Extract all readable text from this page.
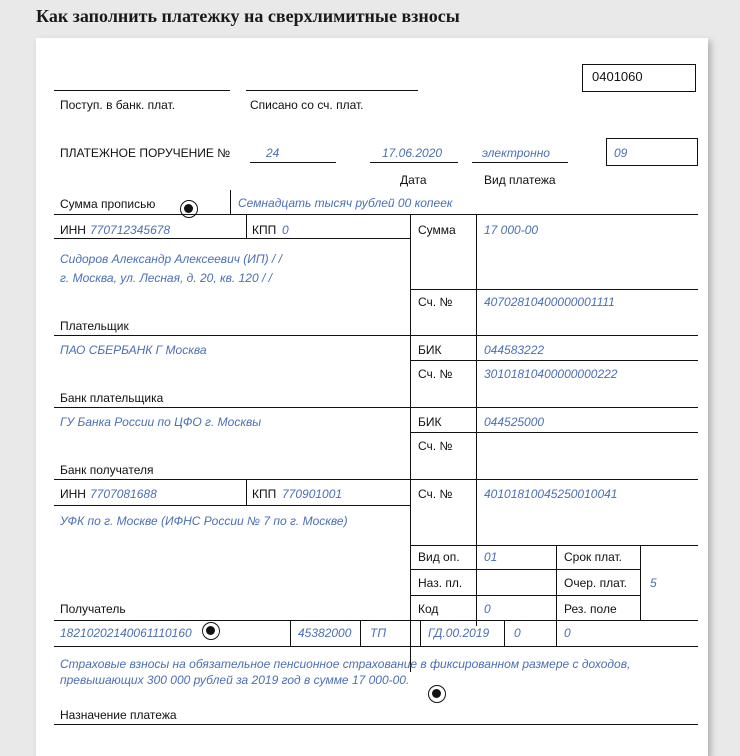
Как заполнить платежку на сверхлимитные взносы
0401060
Поступ. в банк. плат.	Списано со сч. плат.
ПЛАТЕЖНОЕ ПОРУЧЕНИЕ №	24	17.06.2020	электронно	09
Дата	Вид платежа
Сумма прописью	Семнадцать тысяч рублей 00 копеек
ИНН 770712345678	КПП 0
Сидоров Александр Алексеевич (ИП) / /
г. Москва, ул. Лесная, д. 20, кв. 120 / /
Плательщик
Сумма 17 000-00
Сч. №	40702810400000001111
ПАО СБЕРБАНК Г Москва	БИК	044583222
Сч. №	30101810400000000222
Банк плательщика
ГУ Банка России по ЦФО г. Москвы	БИК	044525000
Сч. №
Банк получателя
ИНН 7707081688	КПП 770901001	Сч. №	40101810045250010041
УФК по г. Москве (ИФНС России № 7 по г. Москве)
Вид оп. 01	Срок плат.
Наз. пл.	Очер. плат. 5
Код	0	Рез. поле
Получатель
18210202140061110160	45382000 ТП	ГД.00.2019 0	0
Страховые взносы на обязательное пенсионное страхование в фиксированном размере с доходов,
превышающих 300 000 рублей за 2019 год в сумме 17 000-00.
Назначение платежа
